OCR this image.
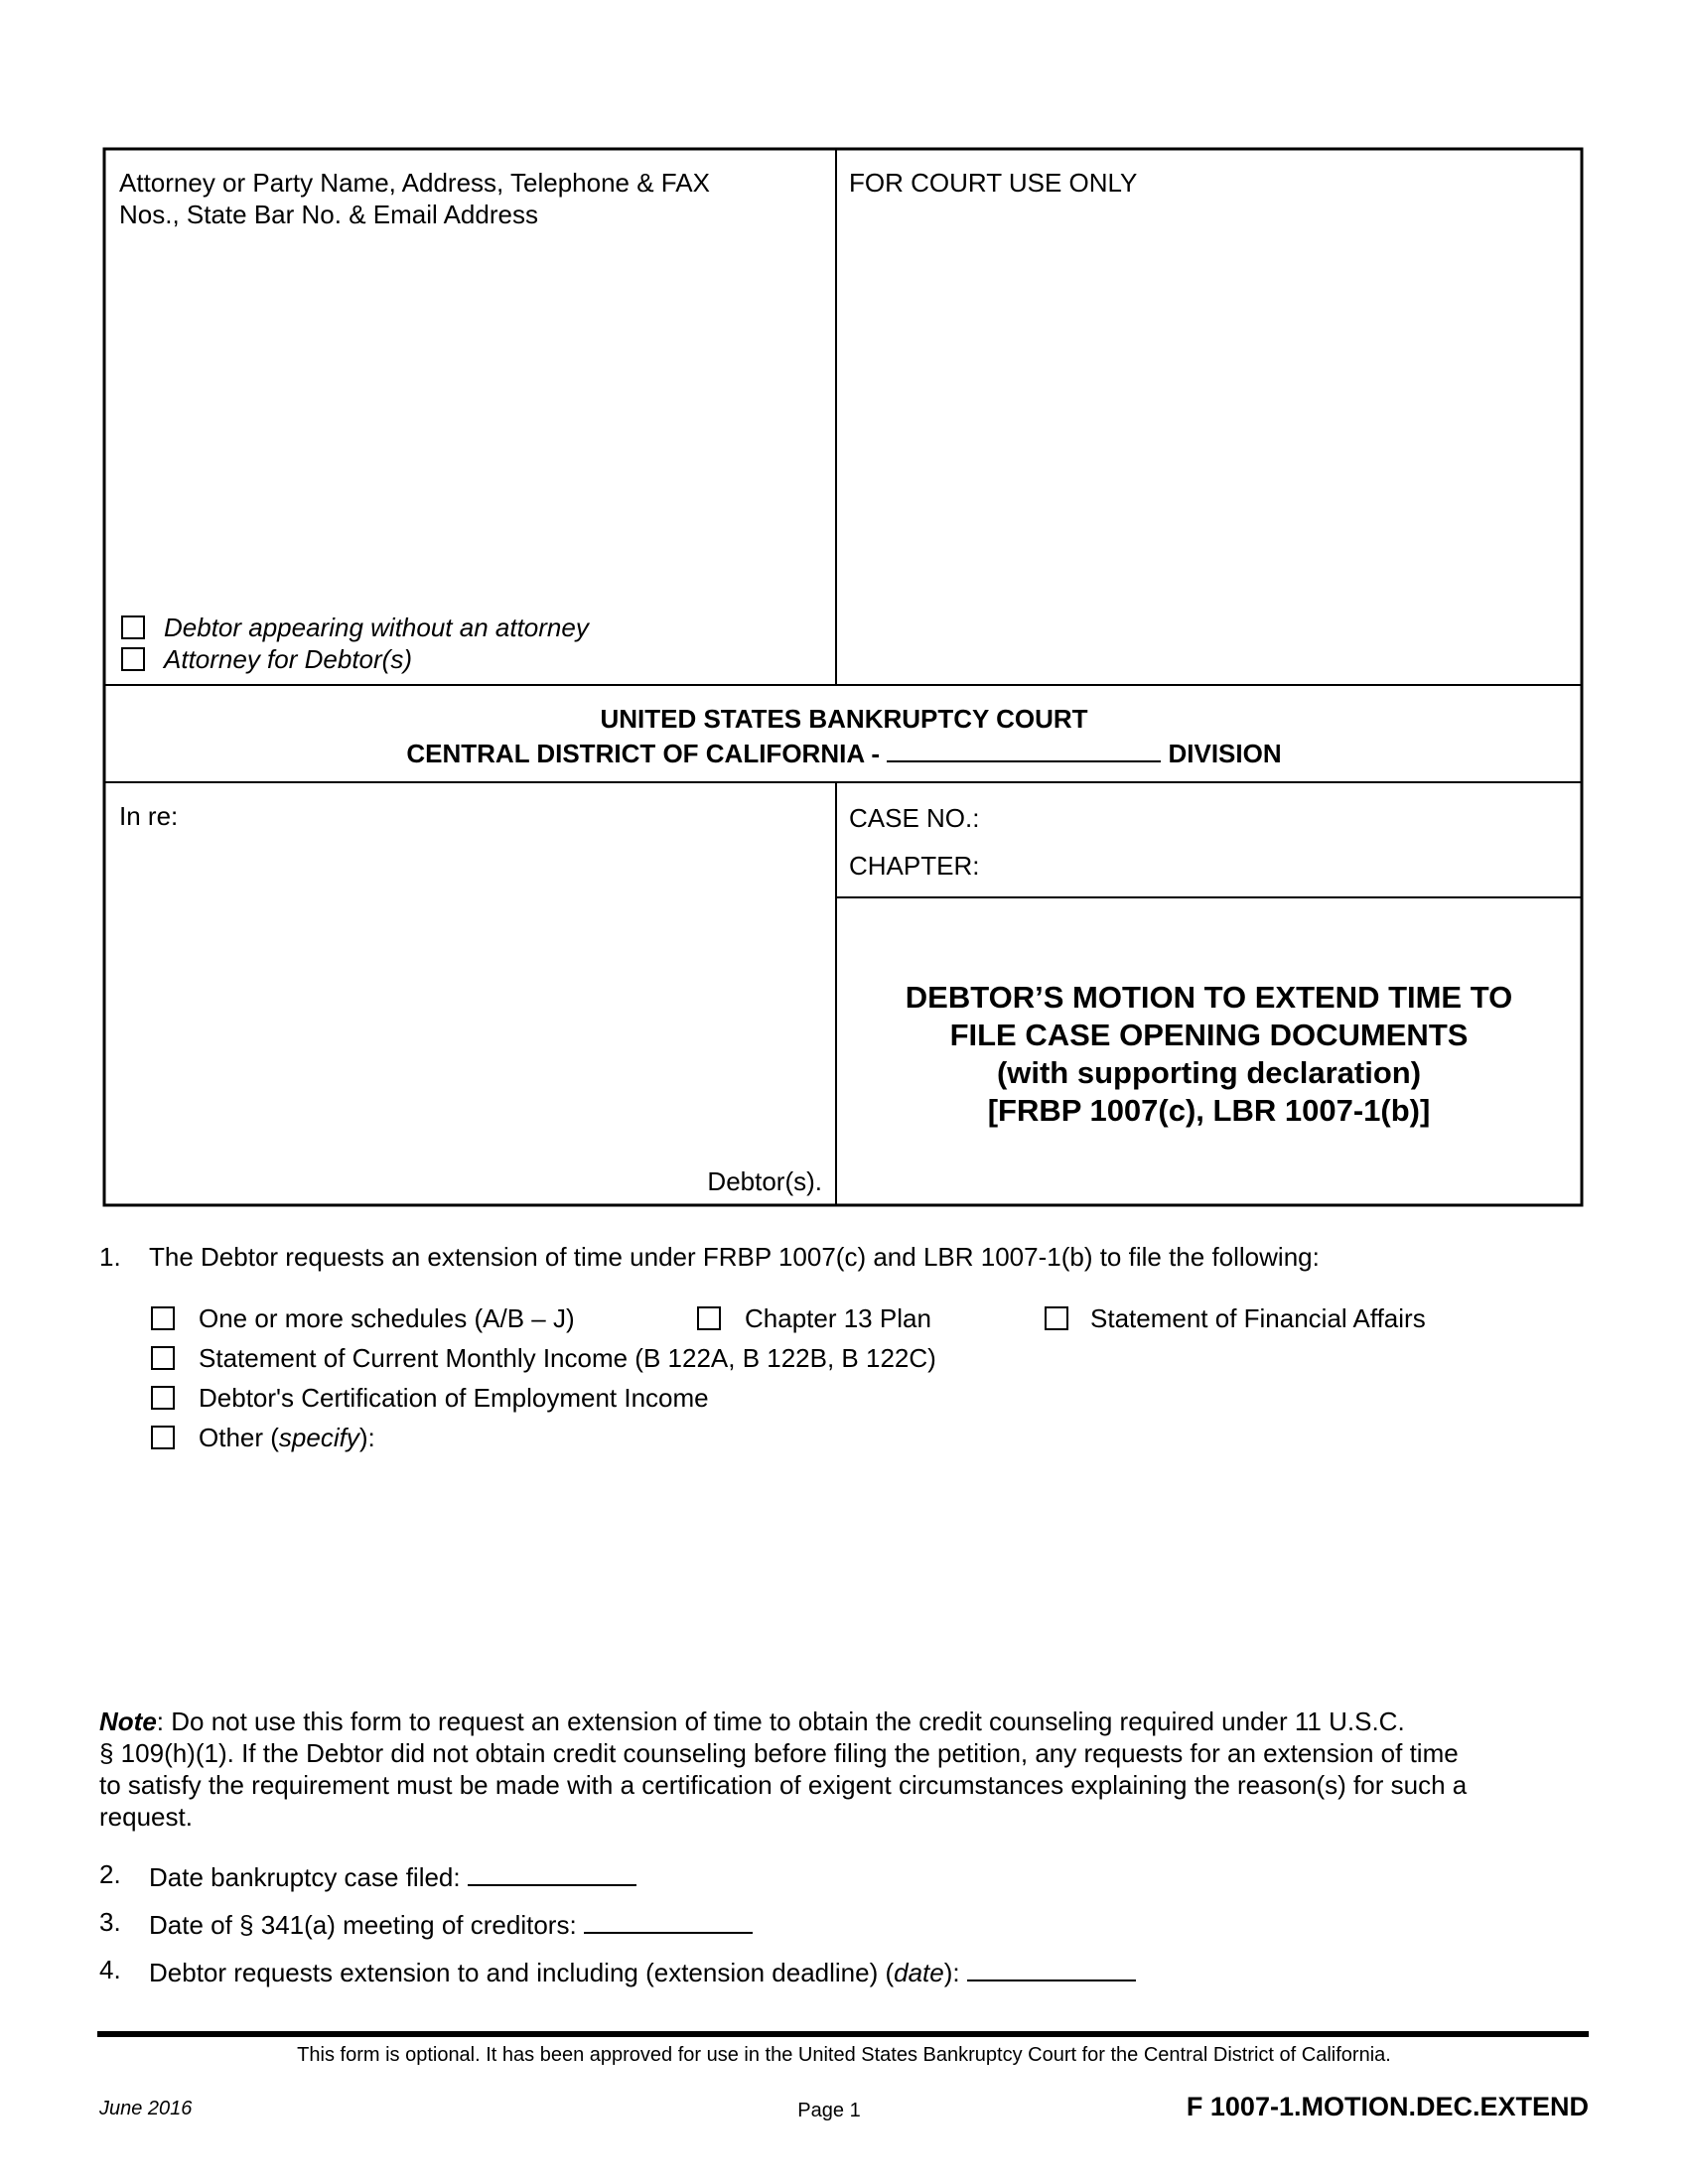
Attorney or Party Name, Address, Telephone & FAX
Nos., State Bar No. & Email Address
FOR COURT USE ONLY
Debtor appearing without an attorney
Attorney for Debtor(s)
UNITED STATES BANKRUPTCY COURT
CENTRAL DISTRICT OF CALIFORNIA -	DIVISION
In re:	CASE NO.:
CHAPTER:
Debtor(s).
DEBTOR’S MOTION TO EXTEND TIME TO
FILE CASE OPENING DOCUMENTS
(with supporting declaration)
[FRBP 1007(c), LBR 1007-1(b)]
1. The Debtor requests an extension of time under FRBP 1007(c) and LBR 1007-1(b) to file the following:
One or more schedules (A/B – J)	Chapter 13 Plan	Statement of Financial Affairs
Statement of Current Monthly Income (B 122A, B 122B, B 122C)
Debtor's Certification of Employment Income
Other (specify):
Note: Do not use this form to request an extension of time to obtain the credit counseling required under 11 U.S.C.
§ 109(h)(1). If the Debtor did not obtain credit counseling before filing the petition, any requests for an extension of time
to satisfy the requirement must be made with a certification of exigent circumstances explaining the reason(s) for such a
request.
2. Date bankruptcy case filed:
3. Date of § 341(a) meeting of creditors:
4. Debtor requests extension to and including (extension deadline) (date):
This form is optional. It has been approved for use in the United States Bankruptcy Court for the Central District of California.
June 2016	Page 1	F 1007-1.MOTION.DEC.EXTEND
